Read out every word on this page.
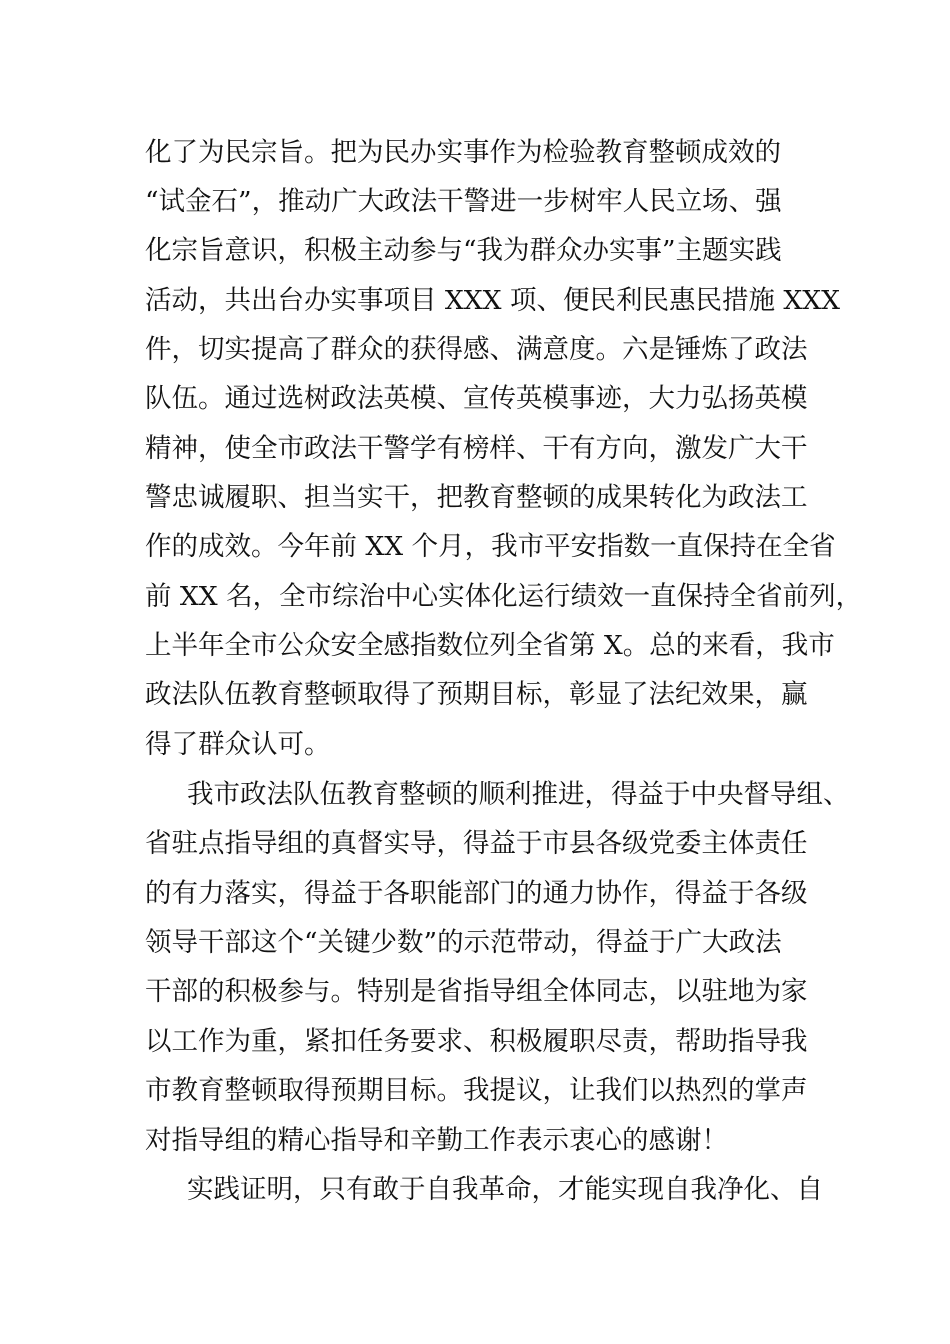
化了为民宗旨。把为民办实事作为检验教育整顿成效的
“试金石”，推动广大政法干警进一步树牢人民立场、强
化宗旨意识，积极主动参与“我为群众办实事”主题实践
活动，共出台办实事项目 XXX 项、便民利民惠民措施 XXX
件，切实提高了群众的获得感、满意度。六是锤炼了政法
队伍。通过选树政法英模、宣传英模事迹，大力弘扬英模
精神，使全市政法干警学有榜样、干有方向，激发广大干
警忠诚履职、担当实干，把教育整顿的成果转化为政法工
作的成效。今年前 XX 个月，我市平安指数一直保持在全省
前 XX 名，全市综治中心实体化运行绩效一直保持全省前列，
上半年全市公众安全感指数位列全省第 X。总的来看，我市
政法队伍教育整顿取得了预期目标，彰显了法纪效果，赢
得了群众认可。
我市政法队伍教育整顿的顺利推进，得益于中央督导组、
省驻点指导组的真督实导，得益于市县各级党委主体责任
的有力落实，得益于各职能部门的通力协作，得益于各级
领导干部这个“关键少数”的示范带动，得益于广大政法
干部的积极参与。特别是省指导组全体同志，以驻地为家
以工作为重，紧扣任务要求、积极履职尽责，帮助指导我
市教育整顿取得预期目标。我提议，让我们以热烈的掌声
对指导组的精心指导和辛勤工作表示衷心的感谢！
实践证明，只有敢于自我革命，才能实现自我净化、自
